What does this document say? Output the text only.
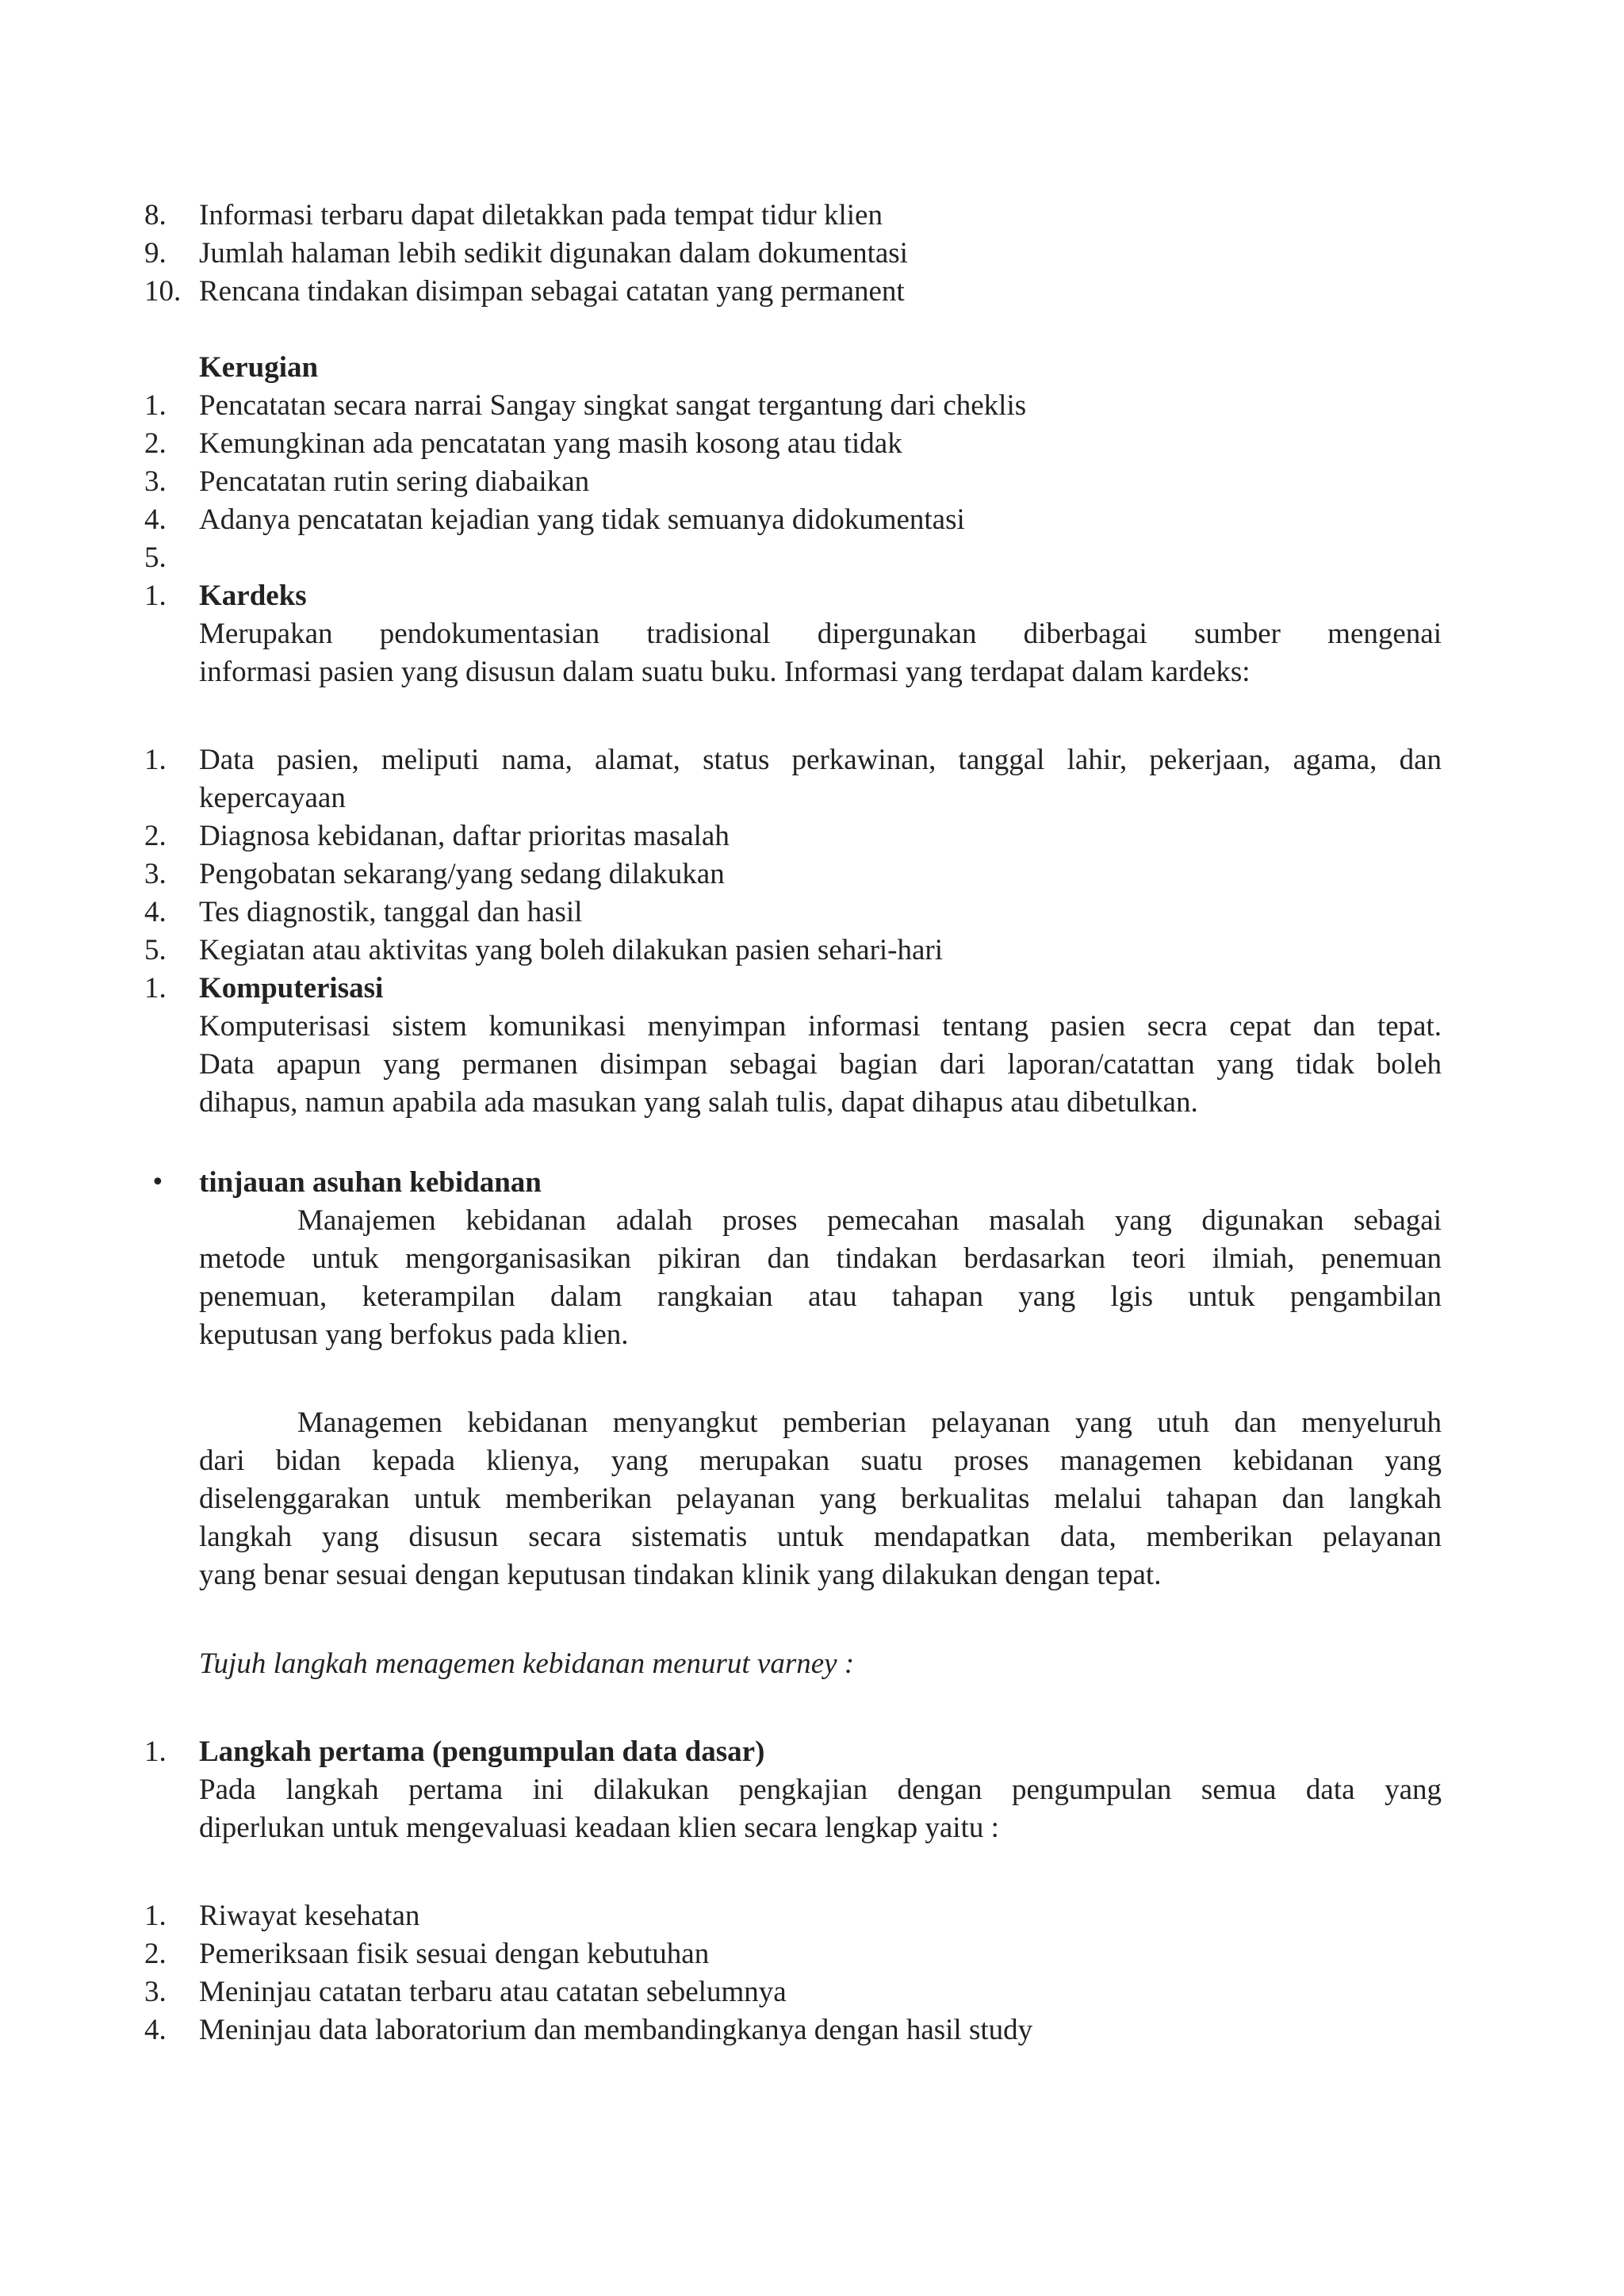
8.	Informasi terbaru dapat diletakkan pada tempat tidur klien
9.	Jumlah halaman lebih sedikit digunakan dalam dokumentasi
10. Rencana tindakan disimpan sebagai catatan yang permanent
Kerugian
1.	Pencatatan secara narrai Sangay singkat sangat tergantung dari cheklis
2.	Kemungkinan ada pencatatan yang masih kosong atau tidak
3.	Pencatatan rutin sering diabaikan
4.	Adanya pencatatan kejadian yang tidak semuanya didokumentasi
5.
1.	Kardeks
Merupakan pendokumentasian tradisional dipergunakan diberbagai sumber mengenai
informasi pasien yang disusun dalam suatu buku. Informasi yang terdapat dalam kardeks:
1.	Data pasien, meliputi nama, alamat, status perkawinan, tanggal lahir, pekerjaan, agama, dan
kepercayaan
2.	Diagnosa kebidanan, daftar prioritas masalah
3.	Pengobatan sekarang/yang sedang dilakukan
4.	Tes diagnostik, tanggal dan hasil
5.	Kegiatan atau aktivitas yang boleh dilakukan pasien sehari-hari
1.	Komputerisasi
Komputerisasi sistem komunikasi menyimpan informasi tentang pasien secra cepat dan tepat.
Data apapun yang permanen disimpan sebagai bagian dari laporan/catattan yang tidak boleh
dihapus, namun apabila ada masukan yang salah tulis, dapat dihapus atau dibetulkan.
•	tinjauan asuhan kebidanan
Manajemen kebidanan adalah proses pemecahan masalah yang digunakan sebagai
metode untuk mengorganisasikan pikiran dan tindakan berdasarkan teori ilmiah, penemuan
penemuan, keterampilan dalam rangkaian atau tahapan yang lgis untuk pengambilan
keputusan yang berfokus pada klien.
Managemen kebidanan menyangkut pemberian pelayanan yang utuh dan menyeluruh
dari bidan kepada klienya, yang merupakan suatu proses managemen kebidanan yang
diselenggarakan untuk memberikan pelayanan yang berkualitas melalui tahapan dan langkah
langkah yang disusun secara sistematis untuk mendapatkan data, memberikan pelayanan
yang benar sesuai dengan keputusan tindakan klinik yang dilakukan dengan tepat.
Tujuh langkah menagemen kebidanan menurut varney :
1.	Langkah pertama (pengumpulan data dasar)
Pada langkah pertama ini dilakukan pengkajian dengan pengumpulan semua data yang
diperlukan untuk mengevaluasi keadaan klien secara lengkap yaitu :
1.	Riwayat kesehatan
2.	Pemeriksaan fisik sesuai dengan kebutuhan
3.	Meninjau catatan terbaru atau catatan sebelumnya
4.	Meninjau data laboratorium dan membandingkanya dengan hasil study
